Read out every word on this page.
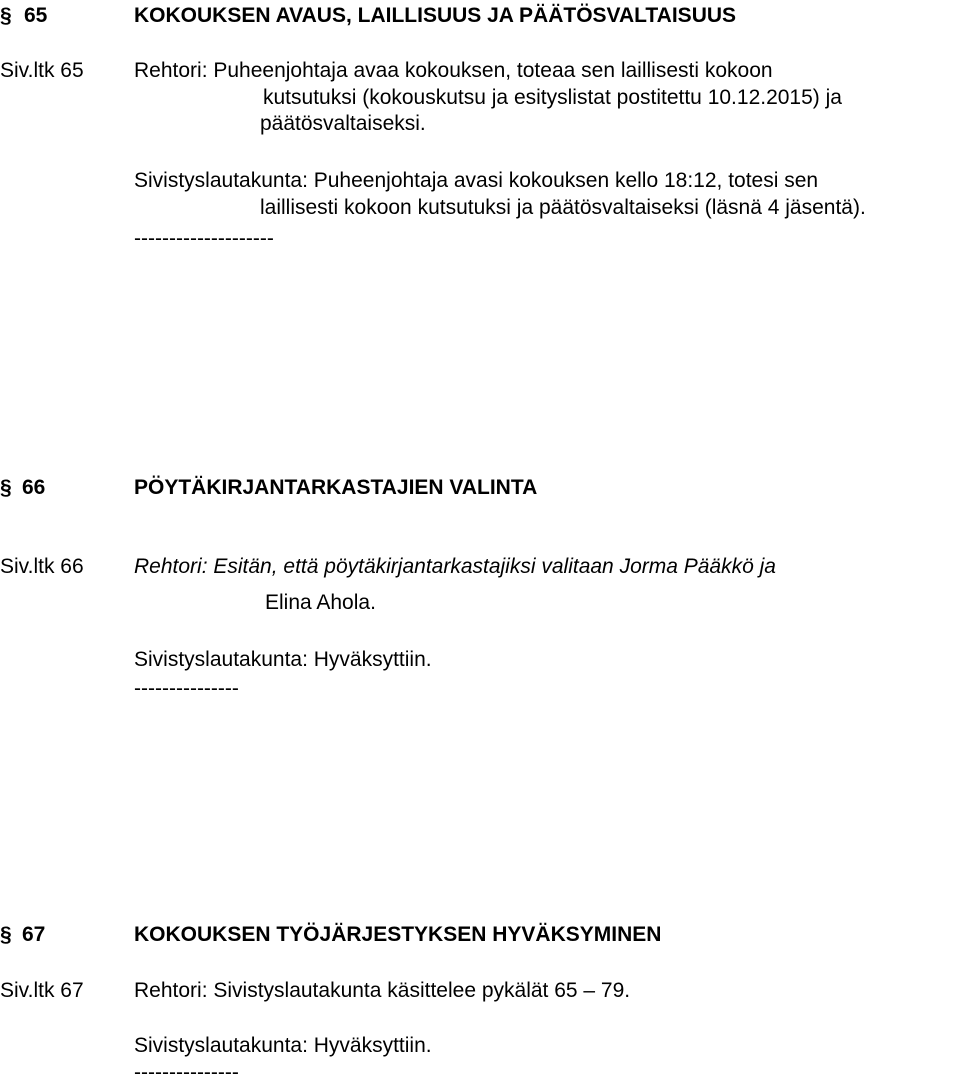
§ 65	KOKOUKSEN AVAUS, LAILLISUUS JA PÄÄTÖSVALTAISUUS
Siv.ltk 65 Rehtori: Puheenjohtaja avaa kokouksen, toteaa sen laillisesti kokoon
kutsutuksi (kokouskutsu ja esityslistat postitettu 10.12.2015) ja
päätösvaltaiseksi.
Sivistyslautakunta: Puheenjohtaja avasi kokouksen kello 18:12, totesi sen
laillisesti kokoon kutsutuksi ja päätösvaltaiseksi (läsnä 4 jäsentä).
--------------------
§ 66	PÖYTÄKIRJANTARKASTAJIEN VALINTA
Siv.ltk 66 Rehtori: Esitän, että pöytäkirjantarkastajiksi valitaan Jorma Pääkkö ja
Elina Ahola.
Sivistyslautakunta: Hyväksyttiin.
---------------
§ 67	KOKOUKSEN TYÖJÄRJESTYKSEN HYVÄKSYMINEN
Siv.ltk 67 Rehtori: Sivistyslautakunta käsittelee pykälät 65 – 79.
Sivistyslautakunta: Hyväksyttiin.
---------------
